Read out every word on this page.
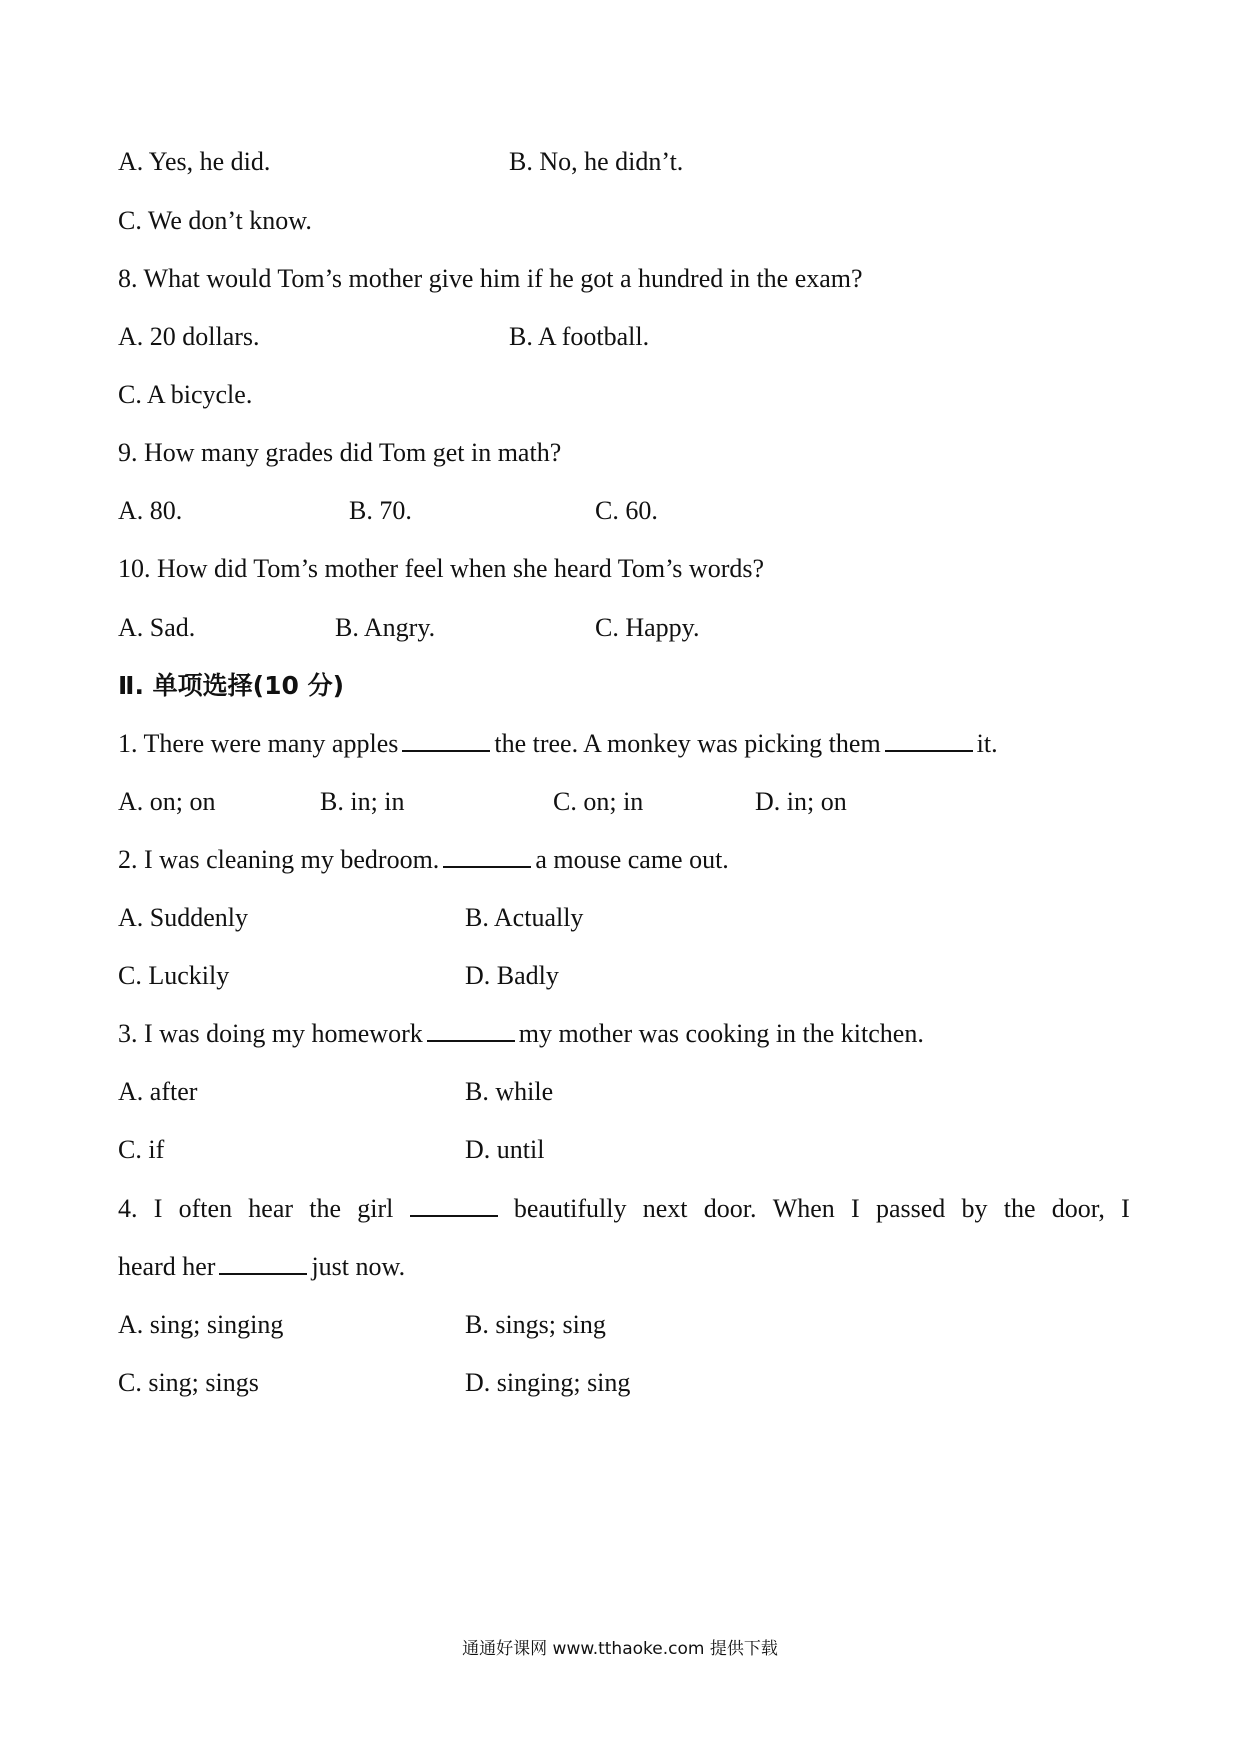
A. Yes, he did.	B. No, he didn’t.
C. We don’t know.
8. What would Tom’s mother give him if he got a hundred in the exam?
A. 20 dollars.	B. A football.
C. A bicycle.
9. How many grades did Tom get in math?
A. 80.	B. 70.	C. 60.
10. How did Tom’s mother feel when she heard Tom’s words?
A. Sad.	B. Angry.	C. Happy.
Ⅱ. 单项选择(10 分)
1. There were many apples	the tree. A monkey was picking them	it.
A. on; on	B. in; in	C. on; in	D. in; on
2. I was cleaning my bedroom.	a mouse came out.
A. Suddenly	B. Actually
C. Luckily	D. Badly
3. I was doing my homework	my mother was cooking in the kitchen.
A. after	B. while
C. if	D. until
4. I often hear the girl	beautifully next door. When I passed by the door, I
heard her	just now.
A. sing; singing	B. sings; sing
C. sing; sings	D. singing; sing
通通好课网 www.tthaoke.com 提供下载
